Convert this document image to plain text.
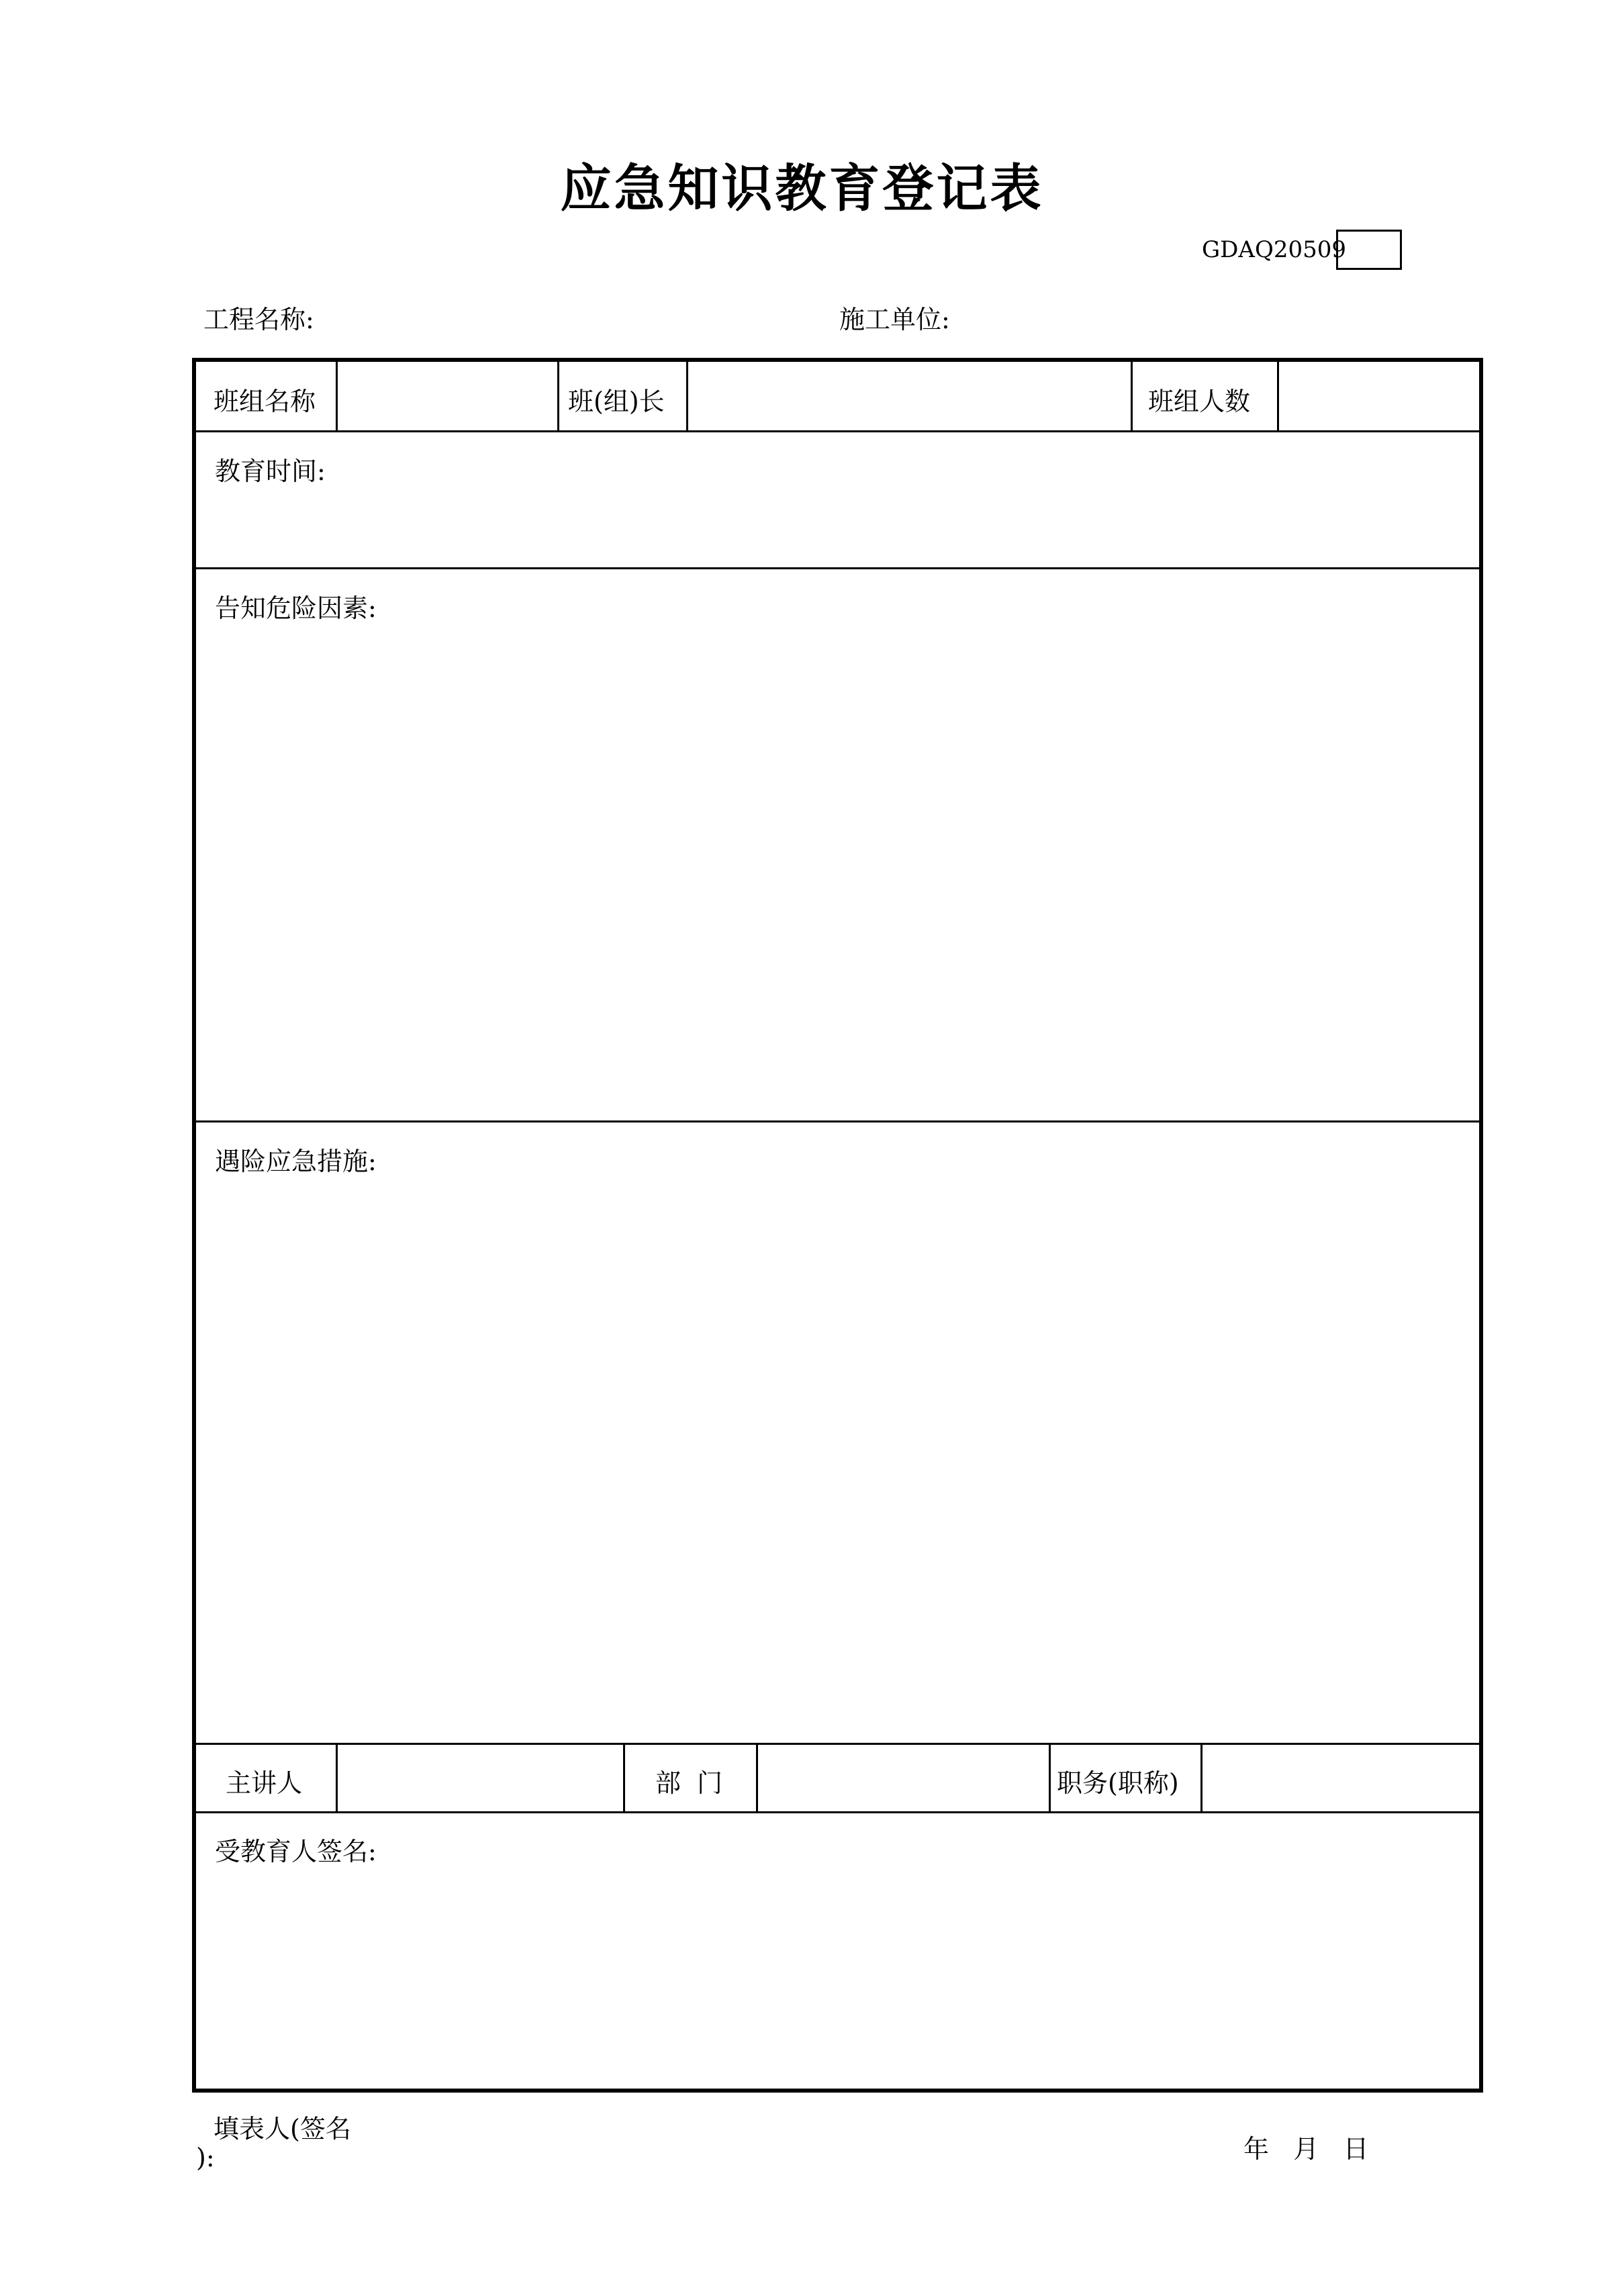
应急知识教育登记表
GDAQ20509
工程名称:	施工单位:
班组名称	班(组)长	班组人数
教育时间:
告知危险因素:
遇险应急措施:
主讲人	部  门	职务(职称)
受教育人签名:
填表人(签名
):	年   月   日
